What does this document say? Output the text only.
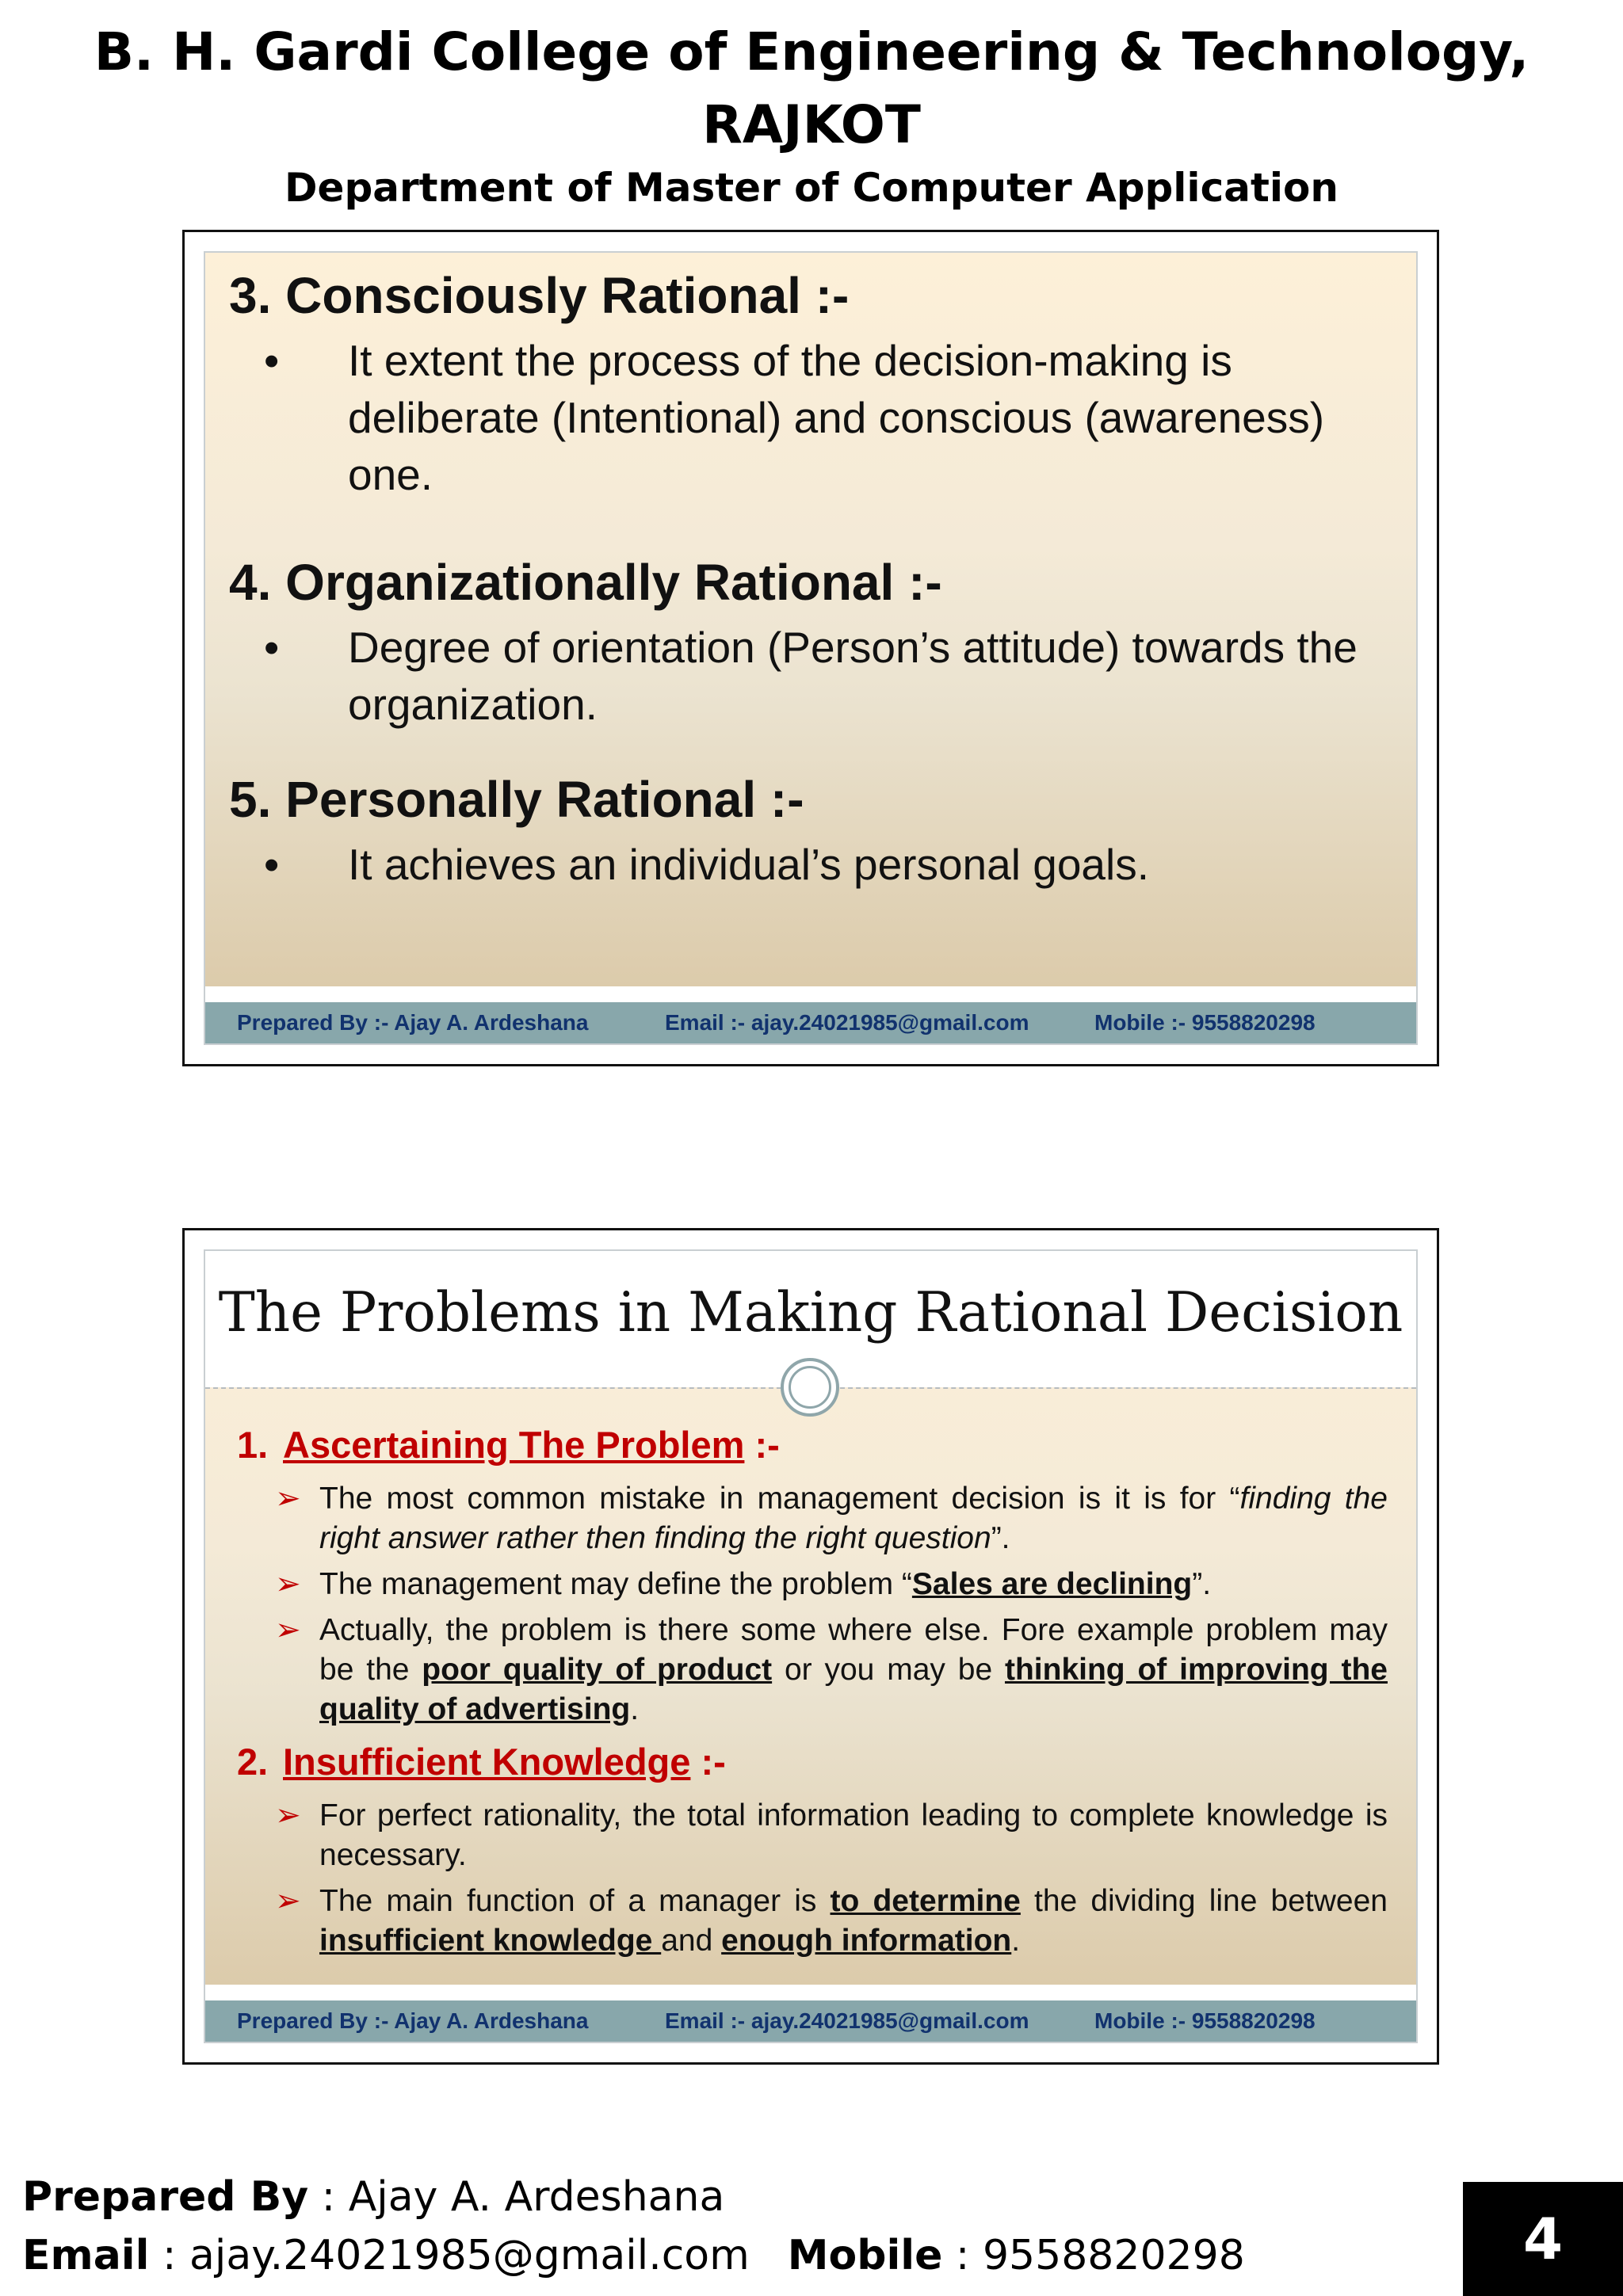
B. H. Gardi College of Engineering & Technology, RAJKOT
Department of Master of Computer Application

3. Consciously Rational :-

• It extent the process of the decision-making is deliberate (Intentional) and conscious (awareness) one.

4. Organizationally Rational :-

• Degree of orientation (Person’s attitude) towards the organization.

5. Personally Rational :-

• It achieves an individual’s personal goals.
Prepared By :- Ajay A. Ardeshana	Email :- ajay.24021985@gmail.com	Mobile :- 9558820298
The Problems in Making Rational Decision

1. Ascertaining The Problem :-

➢ The most common mistake in management decision is it is for “finding the right answer rather then finding the right question”.
➢ The management may define the problem “Sales are declining”.
➢ Actually, the problem is there some where else. Fore example problem may be the poor quality of product or you may be thinking of improving the quality of advertising.

2. Insufficient Knowledge :-

➢ For perfect rationality, the total information leading to complete knowledge is necessary.
➢ The main function of a manager is to determine the dividing line between insufficient knowledge and enough information.
Prepared By :- Ajay A. Ardeshana	Email :- ajay.24021985@gmail.com	Mobile :- 9558820298
Prepared By : Ajay A. Ardeshana
Email : ajay.24021985@gmail.com Mobile : 9558820298	4
